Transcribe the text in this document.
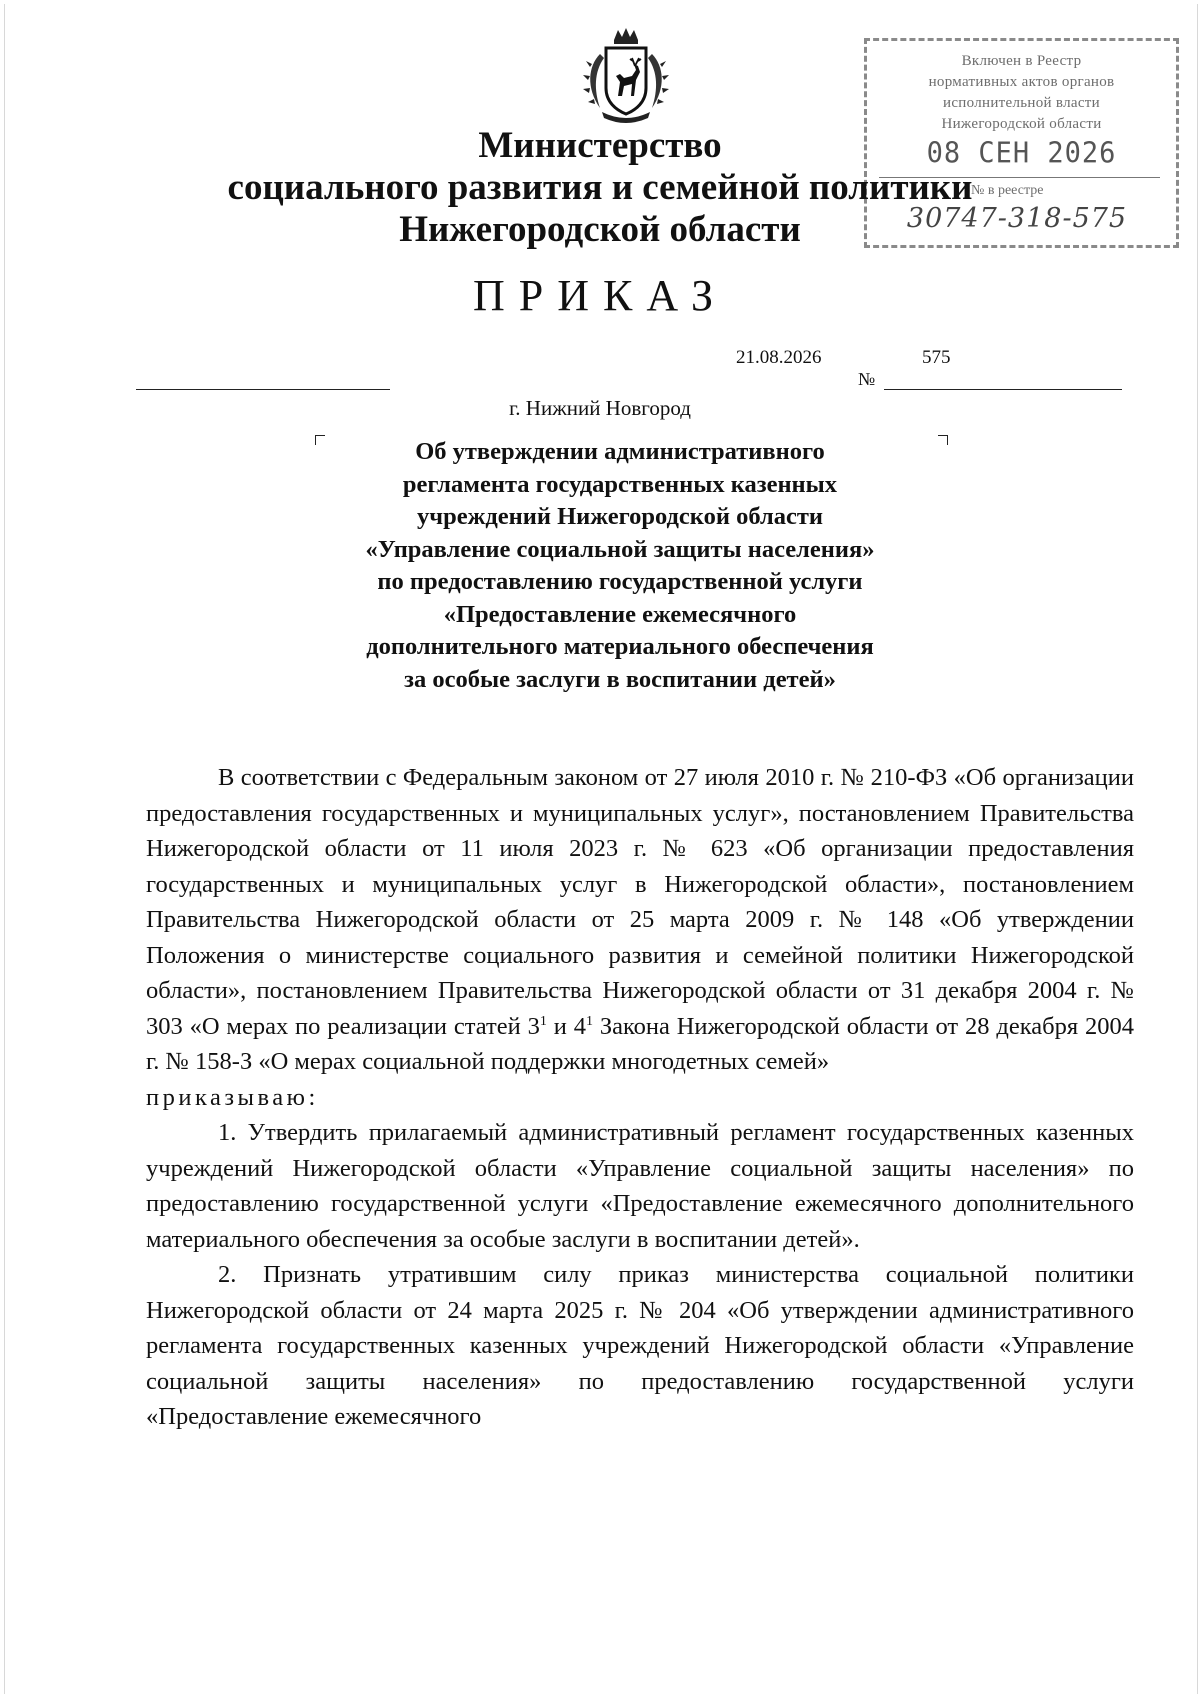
Включен в Реестр
нормативных актов органов
исполнительной власти
Нижегородской области
08 СЕН 2026
№ в реестре
30747-318-575
Министерство
социального развития и семейной политики
Нижегородской области
ПРИКАЗ
21.08.2026	575
№
г. Нижний Новгород
Об утверждении административного
регламента государственных казенных
учреждений Нижегородской области
«Управление социальной защиты населения»
по предоставлению государственной услуги
«Предоставление ежемесячного
дополнительного материального обеспечения
за особые заслуги в воспитании детей»

В соответствии с Федеральным законом от 27 июля 2010 г. № 210-ФЗ «Об организации предоставления государственных и муниципальных услуг», постановлением Правительства Нижегородской области от 11 июля 2023 г. № 623 «Об организации предоставления государственных и муниципальных услуг в Нижегородской области», постановлением Правительства Нижегородской области от 25 марта 2009 г. № 148 «Об утверждении Положения о министерстве социального развития и семейной политики Нижегородской области», постановлением Правительства Нижегородской области от 31 декабря 2004 г. № 303 «О мерах по реализации статей $3^1$ и $4^1$ Закона Нижегородской области от 28 декабря 2004 г. № 158-З «О мерах социальной поддержки многодетных семей»

приказываю:

1. Утвердить прилагаемый административный регламент государственных казенных учреждений Нижегородской области «Управление социальной защиты населения» по предоставлению государственной услуги «Предоставление ежемесячного дополнительного материального обеспечения за особые заслуги в воспитании детей».

2. Признать утратившим силу приказ министерства социальной политики Нижегородской области от 24 марта 2025 г. № 204 «Об утверждении административного регламента государственных казенных учреждений Нижегородской области «Управление социальной защиты населения» по предоставлению государственной услуги «Предоставление ежемесячного
